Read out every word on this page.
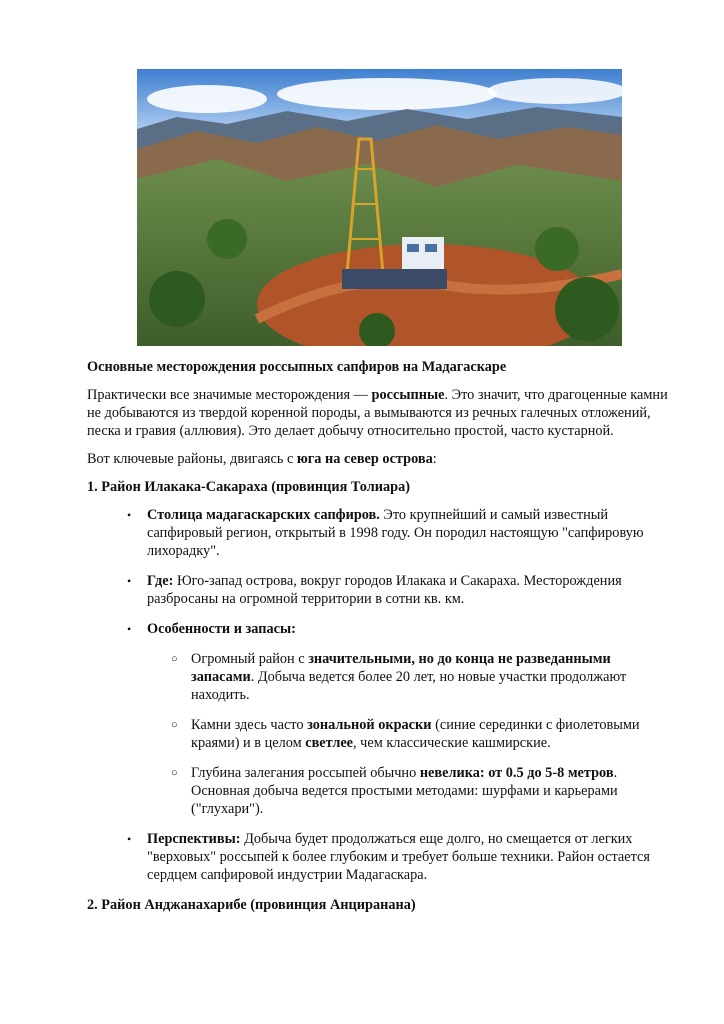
Основные месторождения россыпных сапфиров на Мадагаскаре

Практически все значимые месторождения — россыпные. Это значит, что драгоценные камни не добываются из твердой коренной породы, а вымываются из речных галечных отложений, песка и гравия (аллювия). Это делает добычу относительно простой, часто кустарной.

Вот ключевые районы, двигаясь с юга на север острова:

1. Район Илакака-Сакараха (провинция Толиара)

• Столица мадагаскарских сапфиров. Это крупнейший и самый известный сапфировый регион, открытый в 1998 году. Он породил настоящую "сапфировую лихорадку".
• Где: Юго-запад острова, вокруг городов Илакака и Сакараха. Месторождения разбросаны на огромной территории в сотни кв. км.
• Особенности и запасы:
○ Огромный район с значительными, но до конца не разведанными запасами. Добыча ведется более 20 лет, но новые участки продолжают находить.
○ Камни здесь часто зональной окраски (синие серединки с фиолетовыми краями) и в целом светлее, чем классические кашмирские.
○ Глубина залегания россыпей обычно невелика: от 0.5 до 5-8 метров. Основная добыча ведется простыми методами: шурфами и карьерами ("глухари").
• Перспективы: Добыча будет продолжаться еще долго, но смещается от легких "верховых" россыпей к более глубоким и требует больше техники. Район остается сердцем сапфировой индустрии Мадагаскара.

2. Район Анджанахарибе (провинция Анциранана)
